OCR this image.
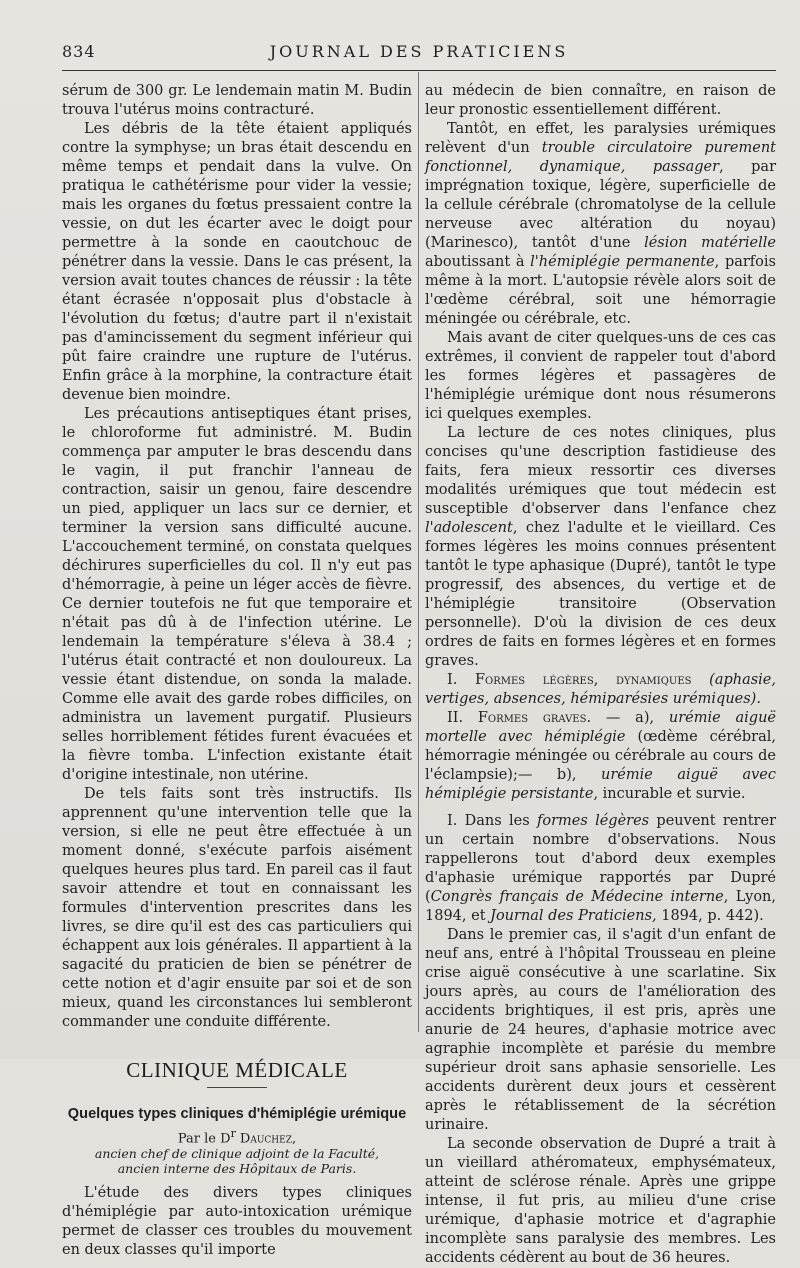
834	JOURNAL DES PRATICIENS

sérum de 300 gr. Le lendemain matin M. Budin trouva l'utérus moins contracturé.

Les débris de la tête étaient appliqués contre la symphyse; un bras était descendu en même temps et pendait dans la vulve. On pratiqua le cathétérisme pour vider la vessie; mais les organes du fœtus pressaient contre la vessie, on dut les écarter avec le doigt pour permettre à la sonde en caoutchouc de pénétrer dans la vessie. Dans le cas présent, la version avait toutes chances de réussir : la tête étant écrasée n'opposait plus d'obstacle à l'évolution du fœtus; d'autre part il n'existait pas d'amincissement du segment inférieur qui pût faire craindre une rupture de l'utérus. Enfin grâce à la morphine, la contracture était devenue bien moindre.

Les précautions antiseptiques étant prises, le chloroforme fut administré. M. Budin commença par amputer le bras descendu dans le vagin, il put franchir l'anneau de contraction, saisir un genou, faire descendre un pied, appliquer un lacs sur ce dernier, et terminer la version sans difficulté aucune. L'accouchement terminé, on constata quelques déchirures superficielles du col. Il n'y eut pas d'hémorragie, à peine un léger accès de fièvre. Ce dernier toutefois ne fut que temporaire et n'était pas dû à de l'infection utérine. Le lendemain la température s'éleva à 38.4 ; l'utérus était contracté et non douloureux. La vessie étant distendue, on sonda la malade. Comme elle avait des garde robes difficiles, on administra un lavement purgatif. Plusieurs selles horriblement fétides furent évacuées et la fièvre tomba. L'infection existante était d'origine intestinale, non utérine.

De tels faits sont très instructifs. Ils apprennent qu'une intervention telle que la version, si elle ne peut être effectuée à un moment donné, s'exécute parfois aisément quelques heures plus tard. En pareil cas il faut savoir attendre et tout en connaissant les formules d'intervention prescrites dans les livres, se dire qu'il est des cas particuliers qui échappent aux lois générales. Il appartient à la sagacité du praticien de bien se pénétrer de cette notion et d'agir ensuite par soi et de son mieux, quand les circonstances lui sembleront commander une conduite différente.

CLINIQUE MÉDICALE
Quelques types cliniques d'hémiplégie urémique

Par le $D^r$ Dauchez,

ancien chef de clinique adjoint de la Faculté,

ancien interne des Hôpitaux de Paris.

L'étude des divers types cliniques d'hémiplégie par auto-intoxication urémique permet de classer ces troubles du mouvement en deux classes qu'il importe

au médecin de bien connaître, en raison de leur pronostic essentiellement différent.

Tantôt, en effet, les paralysies urémiques relèvent d'un trouble circulatoire purement fonctionnel, dynamique, passager, par imprégnation toxique, légère, superficielle de la cellule cérébrale (chromatolyse de la cellule nerveuse avec altération du noyau) (Marinesco), tantôt d'une lésion matérielle aboutissant à l'hémiplégie permanente, parfois même à la mort. L'autopsie révèle alors soit de l'œdème cérébral, soit une hémorragie méningée ou cérébrale, etc.

Mais avant de citer quelques-uns de ces cas extrêmes, il convient de rappeler tout d'abord les formes légères et passagères de l'hémiplégie urémique dont nous résumerons ici quelques exemples.

La lecture de ces notes cliniques, plus concises qu'une description fastidieuse des faits, fera mieux ressortir ces diverses modalités urémiques que tout médecin est susceptible d'observer dans l'enfance chez l'adolescent, chez l'adulte et le vieillard. Ces formes légères les moins connues présentent tantôt le type aphasique (Dupré), tantôt le type progressif, des absences, du vertige et de l'hémiplégie transitoire (Observation personnelle). D'où la division de ces deux ordres de faits en formes légères et en formes graves.

I. Formes légères, dynamiques (aphasie, vertiges, absences, hémiparésies urémiques).

II. Formes graves. — a), urémie aiguë mortelle avec hémiplégie (œdème cérébral, hémorragie méningée ou cérébrale au cours de l'éclampsie);— b), urémie aiguë avec hémiplégie persistante, incurable et survie.

I. Dans les formes légères peuvent rentrer un certain nombre d'observations. Nous rappellerons tout d'abord deux exemples d'aphasie urémique rapportés par Dupré (Congrès français de Médecine interne, Lyon, 1894, et Journal des Praticiens, 1894, p. 442).

Dans le premier cas, il s'agit d'un enfant de neuf ans, entré à l'hôpital Trousseau en pleine crise aiguë consécutive à une scarlatine. Six jours après, au cours de l'amélioration des accidents brightiques, il est pris, après une anurie de 24 heures, d'aphasie motrice avec agraphie incomplète et parésie du membre supérieur droit sans aphasie sensorielle. Les accidents durèrent deux jours et cessèrent après le rétablissement de la sécrétion urinaire.

La seconde observation de Dupré a trait à un vieillard athéromateux, emphysémateux, atteint de sclérose rénale. Après une grippe intense, il fut pris, au milieu d'une crise urémique, d'aphasie motrice et d'agraphie incomplète sans paralysie des membres. Les accidents cédèrent au bout de 36 heures.
